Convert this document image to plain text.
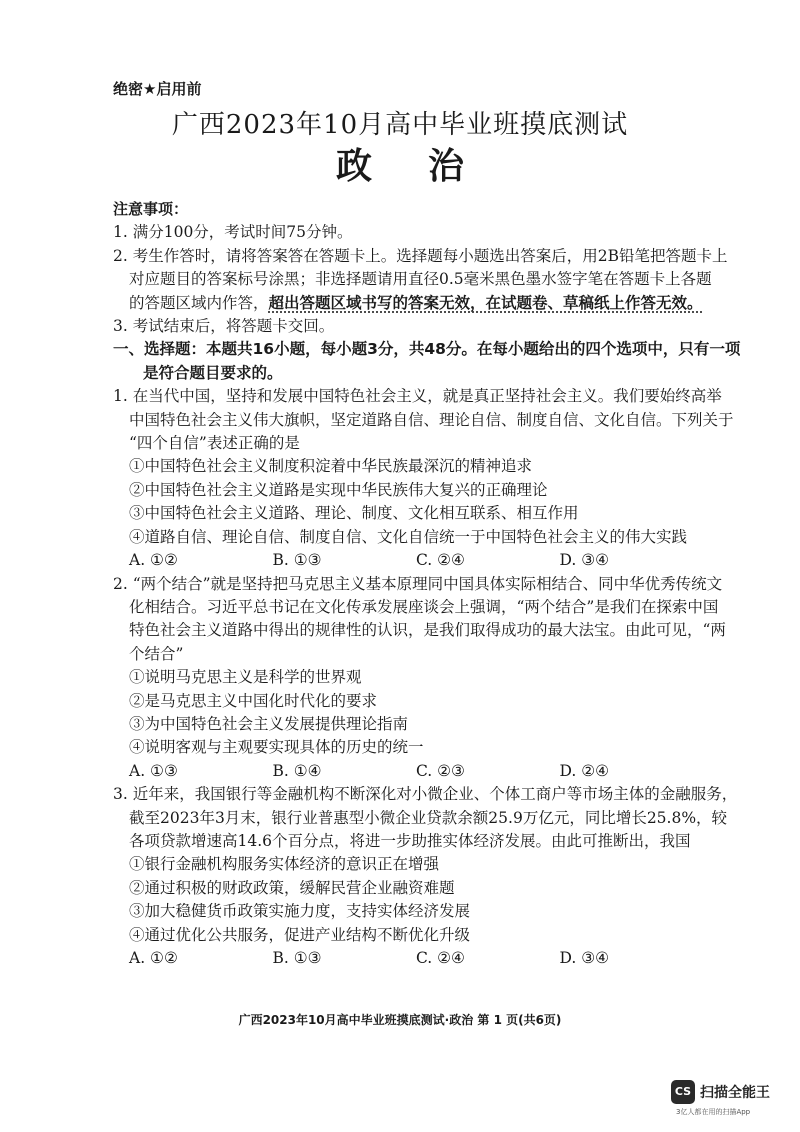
绝密★启用前
广西2023年10月高中毕业班摸底测试
政治
注意事项：
1. 满分100分，考试时间75分钟。
2. 考生作答时，请将答案答在答题卡上。选择题每小题选出答案后，用2B铅笔把答题卡上
对应题目的答案标号涂黑；非选择题请用直径0.5毫米黑色墨水签字笔在答题卡上各题
的答题区域内作答，超出答题区域书写的答案无效，在试题卷、草稿纸上作答无效。
3. 考试结束后，将答题卡交回。
一、选择题：本题共16小题，每小题3分，共48分。在每小题给出的四个选项中，只有一项
是符合题目要求的。
1. 在当代中国，坚持和发展中国特色社会主义，就是真正坚持社会主义。我们要始终高举
中国特色社会主义伟大旗帜，坚定道路自信、理论自信、制度自信、文化自信。下列关于
“四个自信”表述正确的是
①中国特色社会主义制度积淀着中华民族最深沉的精神追求
②中国特色社会主义道路是实现中华民族伟大复兴的正确理论
③中国特色社会主义道路、理论、制度、文化相互联系、相互作用
④道路自信、理论自信、制度自信、文化自信统一于中国特色社会主义的伟大实践
A. ①②	B. ①③	C. ②④	D. ③④
2. “两个结合”就是坚持把马克思主义基本原理同中国具体实际相结合、同中华优秀传统文
化相结合。习近平总书记在文化传承发展座谈会上强调，“两个结合”是我们在探索中国
特色社会主义道路中得出的规律性的认识，是我们取得成功的最大法宝。由此可见，“两
个结合”
①说明马克思主义是科学的世界观
②是马克思主义中国化时代化的要求
③为中国特色社会主义发展提供理论指南
④说明客观与主观要实现具体的历史的统一
A. ①③	B. ①④	C. ②③	D. ②④
3. 近年来，我国银行等金融机构不断深化对小微企业、个体工商户等市场主体的金融服务，
截至2023年3月末，银行业普惠型小微企业贷款余额25.9万亿元，同比增长25.8%，较
各项贷款增速高14.6个百分点，将进一步助推实体经济发展。由此可推断出，我国
①银行金融机构服务实体经济的意识正在增强
②通过积极的财政政策，缓解民营企业融资难题
③加大稳健货币政策实施力度，支持实体经济发展
④通过优化公共服务，促进产业结构不断优化升级
A. ①②	B. ①③	C. ②④	D. ③④
广西2023年10月高中毕业班摸底测试·政治 第 1 页(共6页)
CS 扫描全能王
3亿人都在用的扫描App
